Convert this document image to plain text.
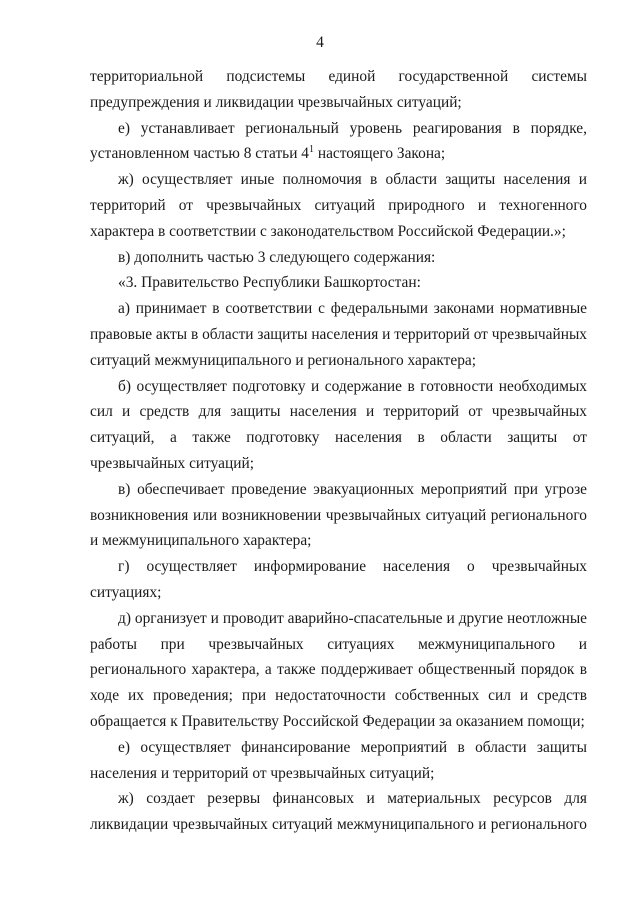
4

территориальной подсистемы единой государственной системы предупреждения и ликвидации чрезвычайных ситуаций;

е) устанавливает региональный уровень реагирования в порядке, установленном частью 8 статьи $4^1$ настоящего Закона;

ж) осуществляет иные полномочия в области защиты населения и территорий от чрезвычайных ситуаций природного и техногенного характера в соответствии с законодательством Российской Федерации.»;

в) дополнить частью 3 следующего содержания:

«3. Правительство Республики Башкортостан:

а) принимает в соответствии с федеральными законами нормативные правовые акты в области защиты населения и территорий от чрезвычайных ситуаций межмуниципального и регионального характера;

б) осуществляет подготовку и содержание в готовности необходимых сил и средств для защиты населения и территорий от чрезвычайных ситуаций, а также подготовку населения в области защиты от чрезвычайных ситуаций;

в) обеспечивает проведение эвакуационных мероприятий при угрозе возникновения или возникновении чрезвычайных ситуаций регионального и межмуниципального характера;

г) осуществляет информирование населения о чрезвычайных ситуациях;

д) организует и проводит аварийно-спасательные и другие неотложные работы при чрезвычайных ситуациях межмуниципального и регионального характера, а также поддерживает общественный порядок в ходе их проведения; при недостаточности собственных сил и средств обращается к Правительству Российской Федерации за оказанием помощи;

е) осуществляет финансирование мероприятий в области защиты населения и территорий от чрезвычайных ситуаций;

ж) создает резервы финансовых и материальных ресурсов для ликвидации чрезвычайных ситуаций межмуниципального и регионального
